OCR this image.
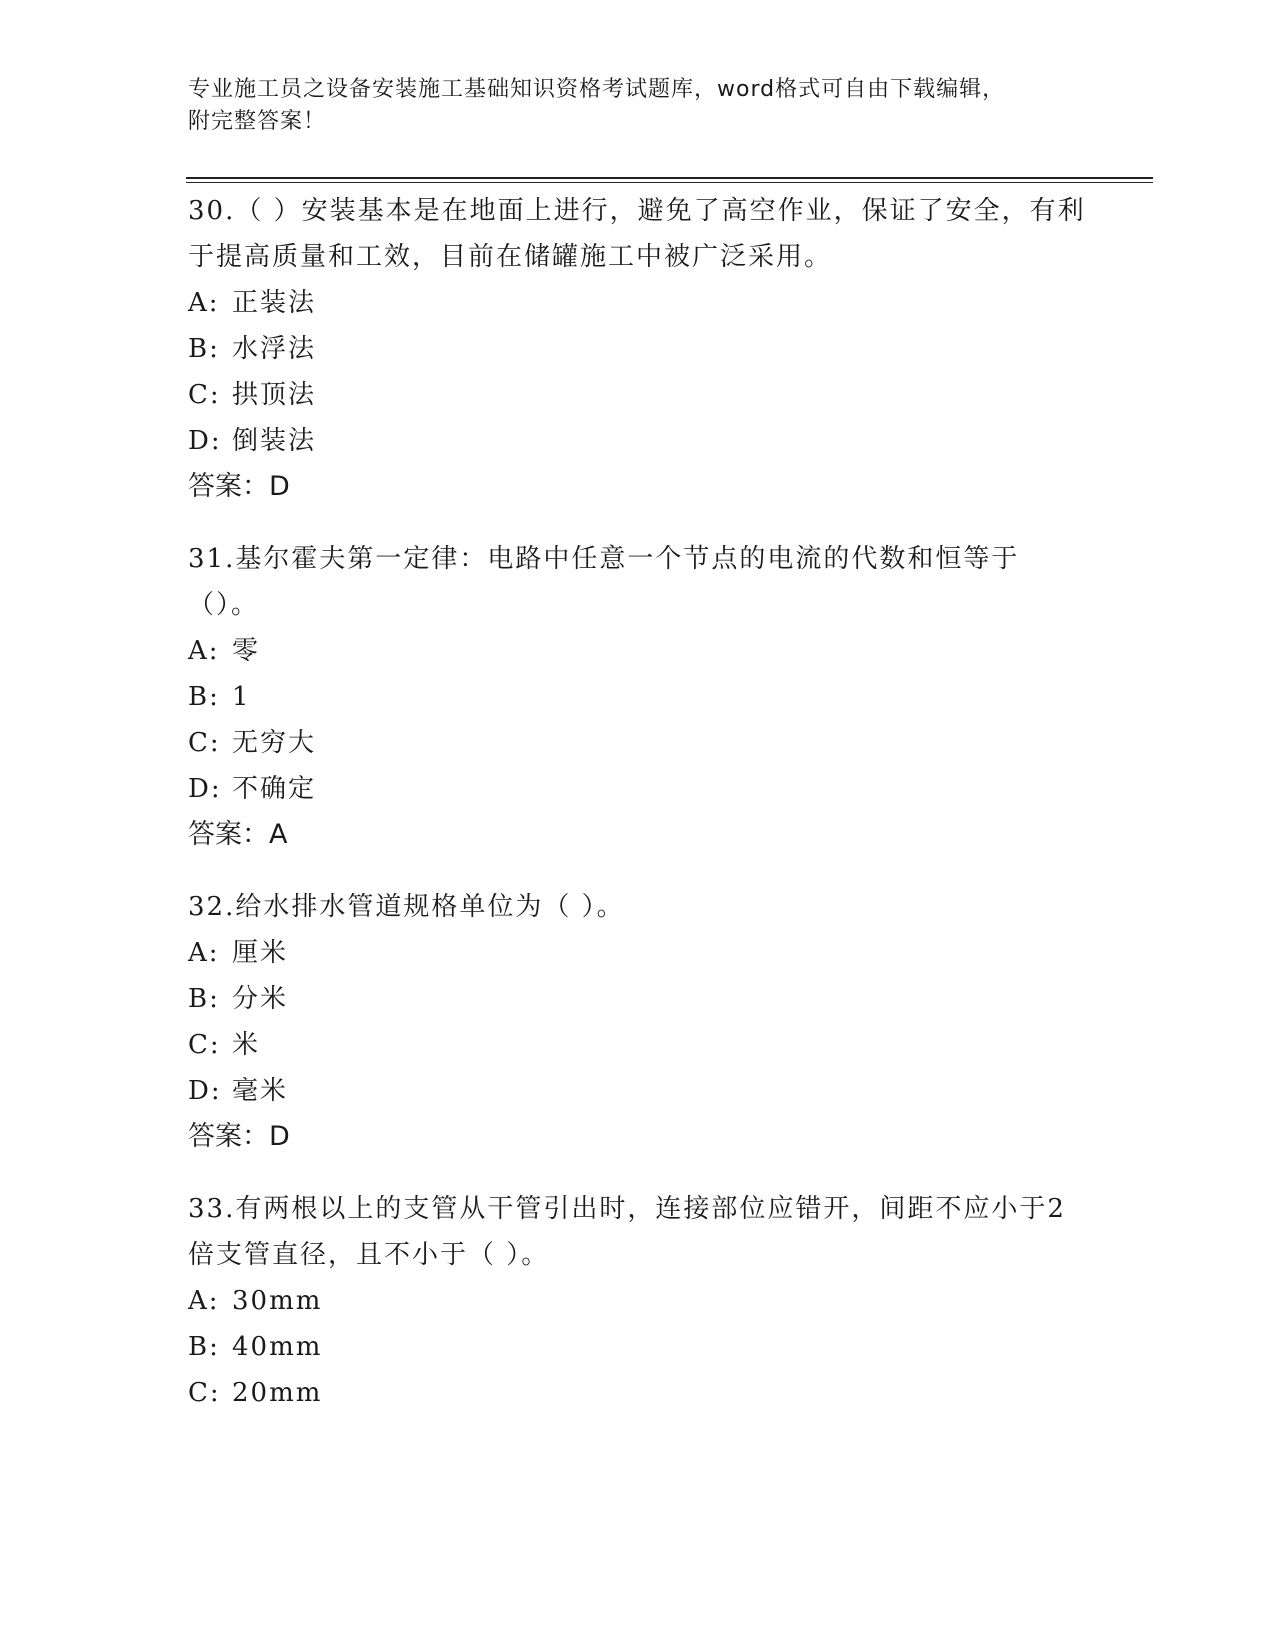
专业施工员之设备安装施工基础知识资格考试题库，word格式可自由下载编辑，
附完整答案！

30.（ ）安装基本是在地面上进行，避免了高空作业，保证了安全，有利于提高质量和工效，目前在储罐施工中被广泛采用。

A: 正装法
B: 水浮法
C: 拱顶法
D: 倒装法
答案：D

31.基尔霍夫第一定律：电路中任意一个节点的电流的代数和恒等于（）。

A: 零
B: 1
C: 无穷大
D: 不确定
答案：A

32.给水排水管道规格单位为（ ）。

A: 厘米
B: 分米
C: 米
D: 毫米
答案：D

33.有两根以上的支管从干管引出时，连接部位应错开，间距不应小于2倍支管直径，且不小于（ ）。

A: 30mm
B: 40mm
C: 20mm
